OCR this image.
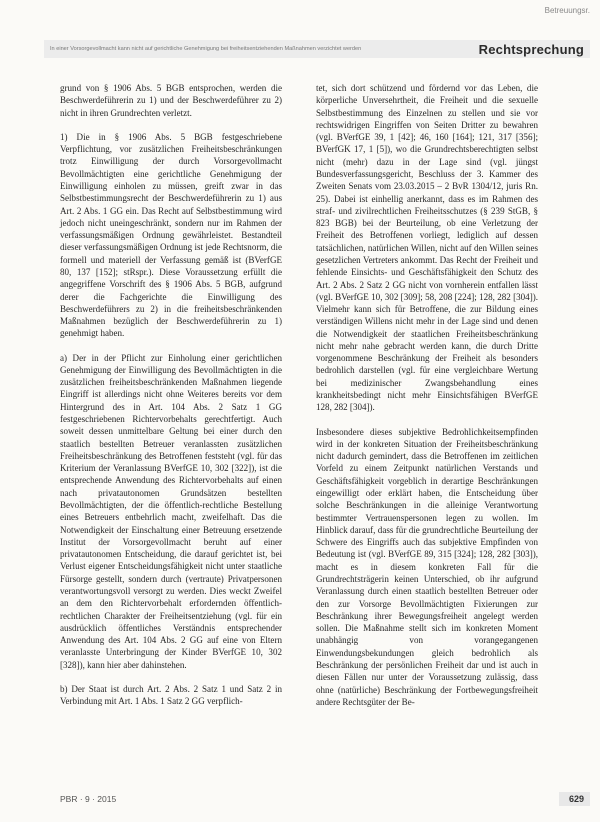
Betreuungsr.
In einer Vorsorgevollmacht kann nicht auf gerichtliche Genehmigung bei freiheitsentziehenden Maßnahmen verzichtet werden	Rechtsprechung

grund von § 1906 Abs. 5 BGB entsprochen, werden die Beschwerdeführerin zu 1) und der Beschwerdeführer zu 2) nicht in ihren Grundrechten verletzt.

1) Die in § 1906 Abs. 5 BGB festgeschriebene Verpflichtung, vor zusätzlichen Freiheitsbeschränkungen trotz Einwilligung der durch Vorsorgevollmacht Bevollmächtigten eine gerichtliche Genehmigung der Einwilligung einholen zu müssen, greift zwar in das Selbstbestimmungsrecht der Beschwerdeführerin zu 1) aus Art. 2 Abs. 1 GG ein. Das Recht auf Selbstbestimmung wird jedoch nicht uneingeschränkt, sondern nur im Rahmen der verfassungsmäßigen Ordnung gewährleistet. Bestandteil dieser verfassungsmäßigen Ordnung ist jede Rechtsnorm, die formell und materiell der Verfassung gemäß ist (BVerfGE 80, 137 [152]; stRspr.). Diese Voraussetzung erfüllt die angegriffene Vorschrift des § 1906 Abs. 5 BGB, aufgrund derer die Fachgerichte die Einwilligung des Beschwerdeführers zu 2) in die freiheitsbeschränkenden Maßnahmen bezüglich der Beschwerdeführerin zu 1) genehmigt haben.

a) Der in der Pflicht zur Einholung einer gerichtlichen Genehmigung der Einwilligung des Bevollmächtigten in die zusätzlichen freiheitsbeschränkenden Maßnahmen liegende Eingriff ist allerdings nicht ohne Weiteres bereits vor dem Hintergrund des in Art. 104 Abs. 2 Satz 1 GG festgeschriebenen Richtervorbehalts gerechtfertigt. Auch soweit dessen unmittelbare Geltung bei einer durch den staatlich bestellten Betreuer veranlassten zusätzlichen Freiheitsbeschränkung des Betroffenen feststeht (vgl. für das Kriterium der Veranlassung BVerfGE 10, 302 [322]), ist die entsprechende Anwendung des Richtervorbehalts auf einen nach privatautonomen Grundsätzen bestellten Bevollmächtigten, der die öffentlich-rechtliche Bestellung eines Betreuers entbehrlich macht, zweifelhaft. Das die Notwendigkeit der Einschaltung einer Betreuung ersetzende Institut der Vorsorgevollmacht beruht auf einer privatautonomen Entscheidung, die darauf gerichtet ist, bei Verlust eigener Entscheidungsfähigkeit nicht unter staatliche Fürsorge gestellt, sondern durch (vertraute) Privatpersonen verantwortungsvoll versorgt zu werden. Dies weckt Zweifel an dem den Richtervorbehalt erfordernden öffentlich-rechtlichen Charakter der Freiheitsentziehung (vgl. für ein ausdrücklich öffentliches Verständnis entsprechender Anwendung des Art. 104 Abs. 2 GG auf eine von Eltern veranlasste Unterbringung der Kinder BVerfGE 10, 302 [328]), kann hier aber dahinstehen.

b) Der Staat ist durch Art. 2 Abs. 2 Satz 1 und Satz 2 in Verbindung mit Art. 1 Abs. 1 Satz 2 GG verpflich-

tet, sich dort schützend und fördernd vor das Leben, die körperliche Unversehrtheit, die Freiheit und die sexuelle Selbstbestimmung des Einzelnen zu stellen und sie vor rechtswidrigen Eingriffen von Seiten Dritter zu bewahren (vgl. BVerfGE 39, 1 [42]; 46, 160 [164]; 121, 317 [356]; BVerfGK 17, 1 [5]), wo die Grundrechtsberechtigten selbst nicht (mehr) dazu in der Lage sind (vgl. jüngst Bundesverfassungsgericht, Beschluss der 3. Kammer des Zweiten Senats vom 23.03.2015 – 2 BvR 1304/12, juris Rn. 25). Dabei ist einhellig anerkannt, dass es im Rahmen des straf- und zivilrechtlichen Freiheitsschutzes (§ 239 StGB, § 823 BGB) bei der Beurteilung, ob eine Verletzung der Freiheit des Betroffenen vorliegt, lediglich auf dessen tatsächlichen, natürlichen Willen, nicht auf den Willen seines gesetzlichen Vertreters ankommt. Das Recht der Freiheit und fehlende Einsichts- und Geschäftsfähigkeit den Schutz des Art. 2 Abs. 2 Satz 2 GG nicht von vornherein entfallen lässt (vgl. BVerfGE 10, 302 [309]; 58, 208 [224]; 128, 282 [304]). Vielmehr kann sich für Betroffene, die zur Bildung eines verständigen Willens nicht mehr in der Lage sind und denen die Notwendigkeit der staatlichen Freiheitsbeschränkung nicht mehr nahe gebracht werden kann, die durch Dritte vorgenommene Beschränkung der Freiheit als besonders bedrohlich darstellen (vgl. für eine vergleichbare Wertung bei medizinischer Zwangsbehandlung eines krankheitsbedingt nicht mehr Einsichtsfähigen BVerfGE 128, 282 [304]).

Insbesondere dieses subjektive Bedrohlichkeitsempfinden wird in der konkreten Situation der Freiheitsbeschränkung nicht dadurch gemindert, dass die Betroffenen im zeitlichen Vorfeld zu einem Zeitpunkt natürlichen Verstands und Geschäftsfähigkeit vorgeblich in derartige Beschränkungen eingewilligt oder erklärt haben, die Entscheidung über solche Beschränkungen in die alleinige Verantwortung bestimmter Vertrauenspersonen legen zu wollen. Im Hinblick darauf, dass für die grundrechtliche Beurteilung der Schwere des Eingriffs auch das subjektive Empfinden von Bedeutung ist (vgl. BVerfGE 89, 315 [324]; 128, 282 [303]), macht es in diesem konkreten Fall für die Grundrechtsträgerin keinen Unterschied, ob ihr aufgrund Veranlassung durch einen staatlich bestellten Betreuer oder den zur Vorsorge Bevollmächtigten Fixierungen zur Beschränkung ihrer Bewegungsfreiheit angelegt werden sollen. Die Maßnahme stellt sich im konkreten Moment unabhängig von vorangegangenen Einwendungsbekundungen gleich bedrohlich als Beschränkung der persönlichen Freiheit dar und ist auch in diesen Fällen nur unter der Voraussetzung zulässig, dass ohne (natürliche) Beschränkung der Fortbewegungsfreiheit andere Rechtsgüter der Be-

PBR · 9 · 2015	629
